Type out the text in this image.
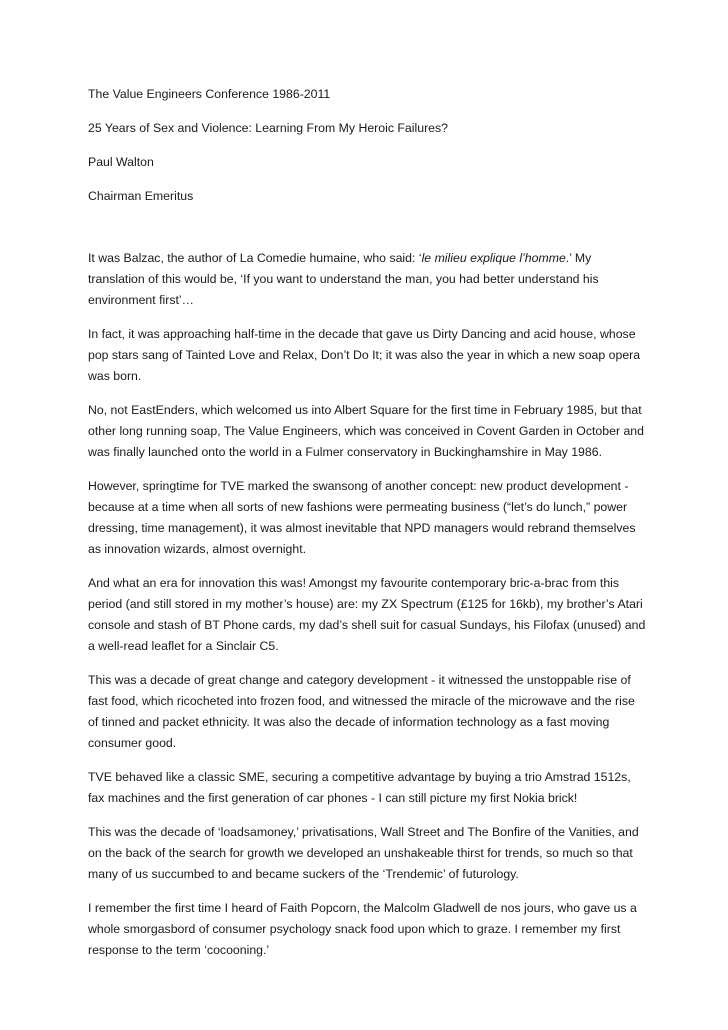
The Value Engineers Conference 1986-2011

25 Years of Sex and Violence: Learning From My Heroic Failures?

Paul Walton

Chairman Emeritus

It was Balzac, the author of La Comedie humaine, who said: ‘le milieu explique l’homme.’ My translation of this would be, ‘If you want to understand the man, you had better understand his environment first’…

In fact, it was approaching half-time in the decade that gave us Dirty Dancing and acid house, whose pop stars sang of Tainted Love and Relax, Don’t Do It; it was also the year in which a new soap opera was born.

No, not EastEnders, which welcomed us into Albert Square for the first time in February 1985, but that other long running soap, The Value Engineers, which was conceived in Covent Garden in October and was finally launched onto the world in a Fulmer conservatory in Buckinghamshire in May 1986.

However, springtime for TVE marked the swansong of another concept: new product development - because at a time when all sorts of new fashions were permeating business (“let’s do lunch,” power dressing, time management), it was almost inevitable that NPD managers would rebrand themselves as innovation wizards, almost overnight.

And what an era for innovation this was! Amongst my favourite contemporary bric-a-brac from this period (and still stored in my mother’s house) are: my ZX Spectrum (£125 for 16kb), my brother’s Atari console and stash of BT Phone cards, my dad’s shell suit for casual Sundays, his Filofax (unused) and a well-read leaflet for a Sinclair C5.

This was a decade of great change and category development - it witnessed the unstoppable rise of fast food, which ricocheted into frozen food, and witnessed the miracle of the microwave and the rise of tinned and packet ethnicity. It was also the decade of information technology as a fast moving consumer good.

TVE behaved like a classic SME, securing a competitive advantage by buying a trio Amstrad 1512s, fax machines and the first generation of car phones - I can still picture my first Nokia brick!

This was the decade of ‘loadsamoney,’ privatisations, Wall Street and The Bonfire of the Vanities, and on the back of the search for growth we developed an unshakeable thirst for trends, so much so that many of us succumbed to and became suckers of the ‘Trendemic’ of futurology.

I remember the first time I heard of Faith Popcorn, the Malcolm Gladwell de nos jours, who gave us a whole smorgasbord of consumer psychology snack food upon which to graze. I remember my first response to the term ‘cocooning.’
